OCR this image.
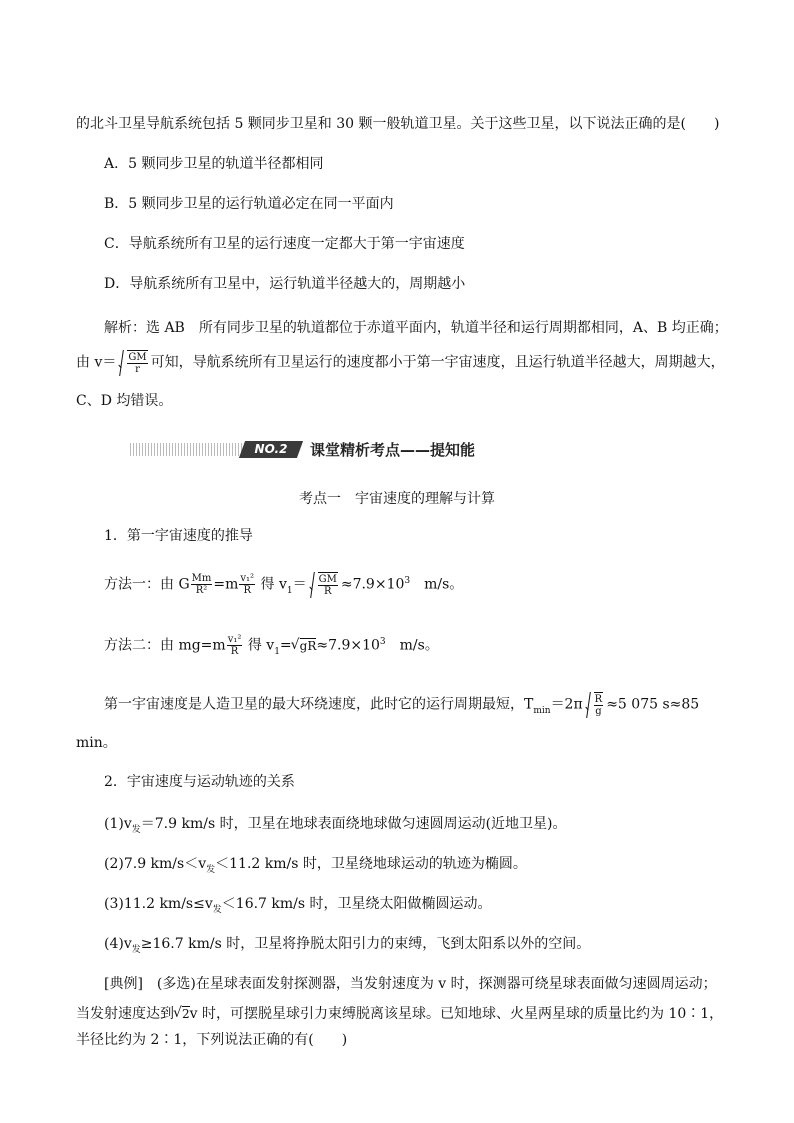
的北斗卫星导航系统包括 5 颗同步卫星和 30 颗一般轨道卫星。关于这些卫星，以下说法正确的是( )
A．5 颗同步卫星的轨道半径都相同
B．5 颗同步卫星的运行轨道必定在同一平面内
C．导航系统所有卫星的运行速度一定都大于第一宇宙速度
D．导航系统所有卫星中，运行轨道半径越大的，周期越小
解析：选 AB　所有同步卫星的轨道都位于赤道平面内，轨道半径和运行周期都相同，A、B 均正确；
由 $v= \frac{GM}{r}$ 可知，导航系统所有卫星运行的速度都小于第一宇宙速度，且运行轨道半径越大，周期越大，
C、D 均错误。
NO.2	课堂精析考点——提知能
考点一　宇宙速度的理解与计算
1．第一宇宙速度的推导
方法一：由 G $\frac{Mm}{\text{R²}} =m \frac{\text{v₁²}}{R}$ 得 $v_1= \frac{GM}{R} \approx 7.9\times 10^3$　m/s。
方法二：由 $mg=m \frac{\text{v₁²}}{R}$ 得 $v_1=√$ $gR\approx 7.9\times 10^3$　m/s。
第一宇宙速度是人造卫星的最大环绕速度，此时它的运行周期最短，$T_{min}=2\pi \frac{R}{g} \approx 5$ 075 s≈85
min。
2．宇宙速度与运动轨迹的关系
$(1)v_发=7.9$ km/s 时，卫星在地球表面绕地球做匀速圆周运动(近地卫星)。
(2)7.9 $km/s<v_发<11.2$ km/s 时，卫星绕地球运动的轨迹为椭圆。
(3)11.2 $km/s\le v_发<16.7$ km/s 时，卫星绕太阳做椭圆运动。
$(4)v_发\ge 16.7$ km/s 时，卫星将挣脱太阳引力的束缚，飞到太阳系以外的空间。
[典例]　(多选)在星球表面发射探测器，当发射速度为 v 时，探测器可绕星球表面做匀速圆周运动；
当发射速度达到√ 2v 时，可摆脱星球引力束缚脱离该星球。已知地球、火星两星球的质量比约为 10∶1，
半径比约为 2∶1，下列说法正确的有( )
